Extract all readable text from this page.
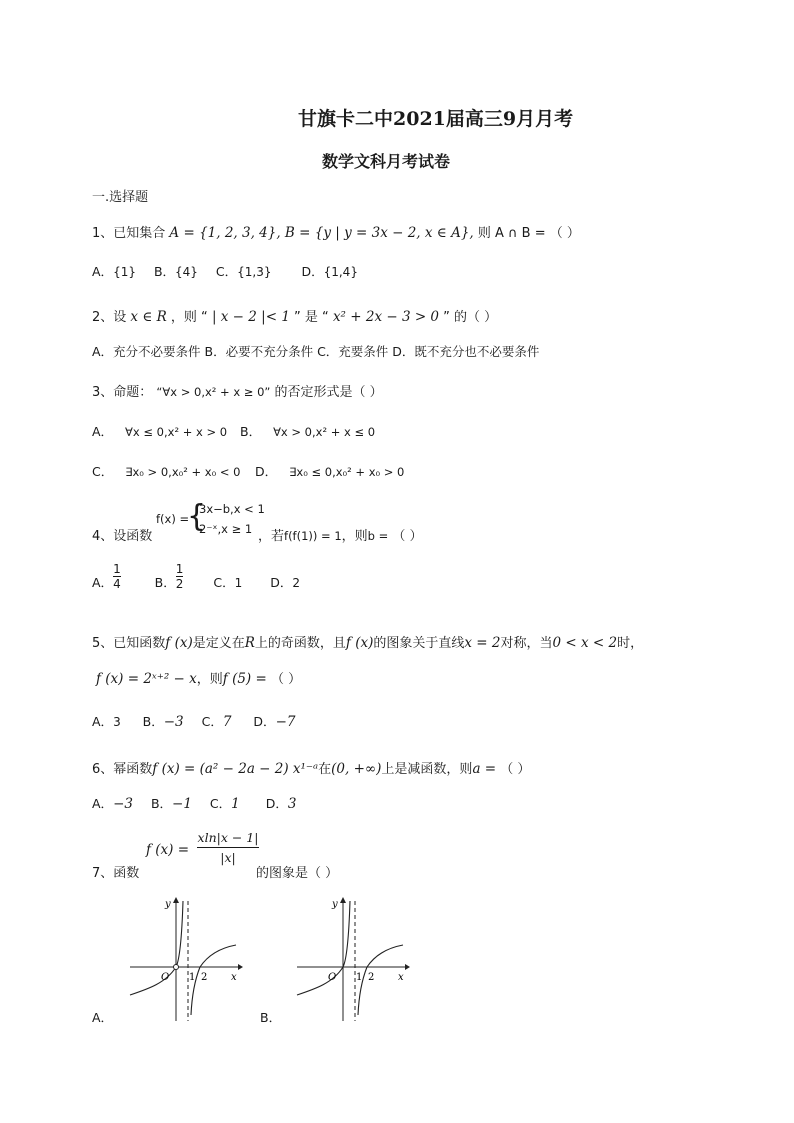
甘旗卡二中2021届高三9月月考
数学文科月考试卷
一.选择题
1、已知集合 A = {1, 2, 3, 4}, B = {y | y = 3x − 2, x ∈ A}, 则 A ∩ B = （ ）
A．{1} B．{4} C．{1,3} D．{1,4}
2、设 x ∈ R ，则 “ | x − 2 |< 1 ” 是 “ x² + 2x − 3 > 0 ” 的（ ）
A．充分不必要条件 B．必要不充分条件 C．充要条件 D．既不充分也不必要条件
3、命题： “∀x > 0,x² + x ≥ 0” 的否定形式是（ ）
A． ∀x ≤ 0,x² + x > 0 B． ∀x > 0,x² + x ≤ 0
C． ∃x₀ > 0,x₀² + x₀ < 0 D． ∃x₀ ≤ 0,x₀² + x₀ > 0
4、设函数
f(x) =
{
3x−b,x < 1
2⁻ˣ,x ≥ 1 ，若f(f(1)) = 1，则b = （ ）
A． $\frac{1}{4}$
	B． $\frac{1}{2}$ C．1 D．2
5、已知函数f (x)是定义在R上的奇函数，且f (x)的图象关于直线x = 2对称，当0 < x < 2时，
f (x) = 2ˣ⁺² − x，则f (5) = （ ）
A．3 B．−3 C．7 D．−7
6、幂函数f (x) = (a² − 2a − 2) x¹⁻ᵃ在(0, +∞)上是减函数，则a = （ ）
A．−3 B．−1 C．1 D．3
7、函数
f (x) =
xln|x − 1|
|x|
的图象是（ ）
y
x
O 1 2
A．
y
x
O 1 2
B．
